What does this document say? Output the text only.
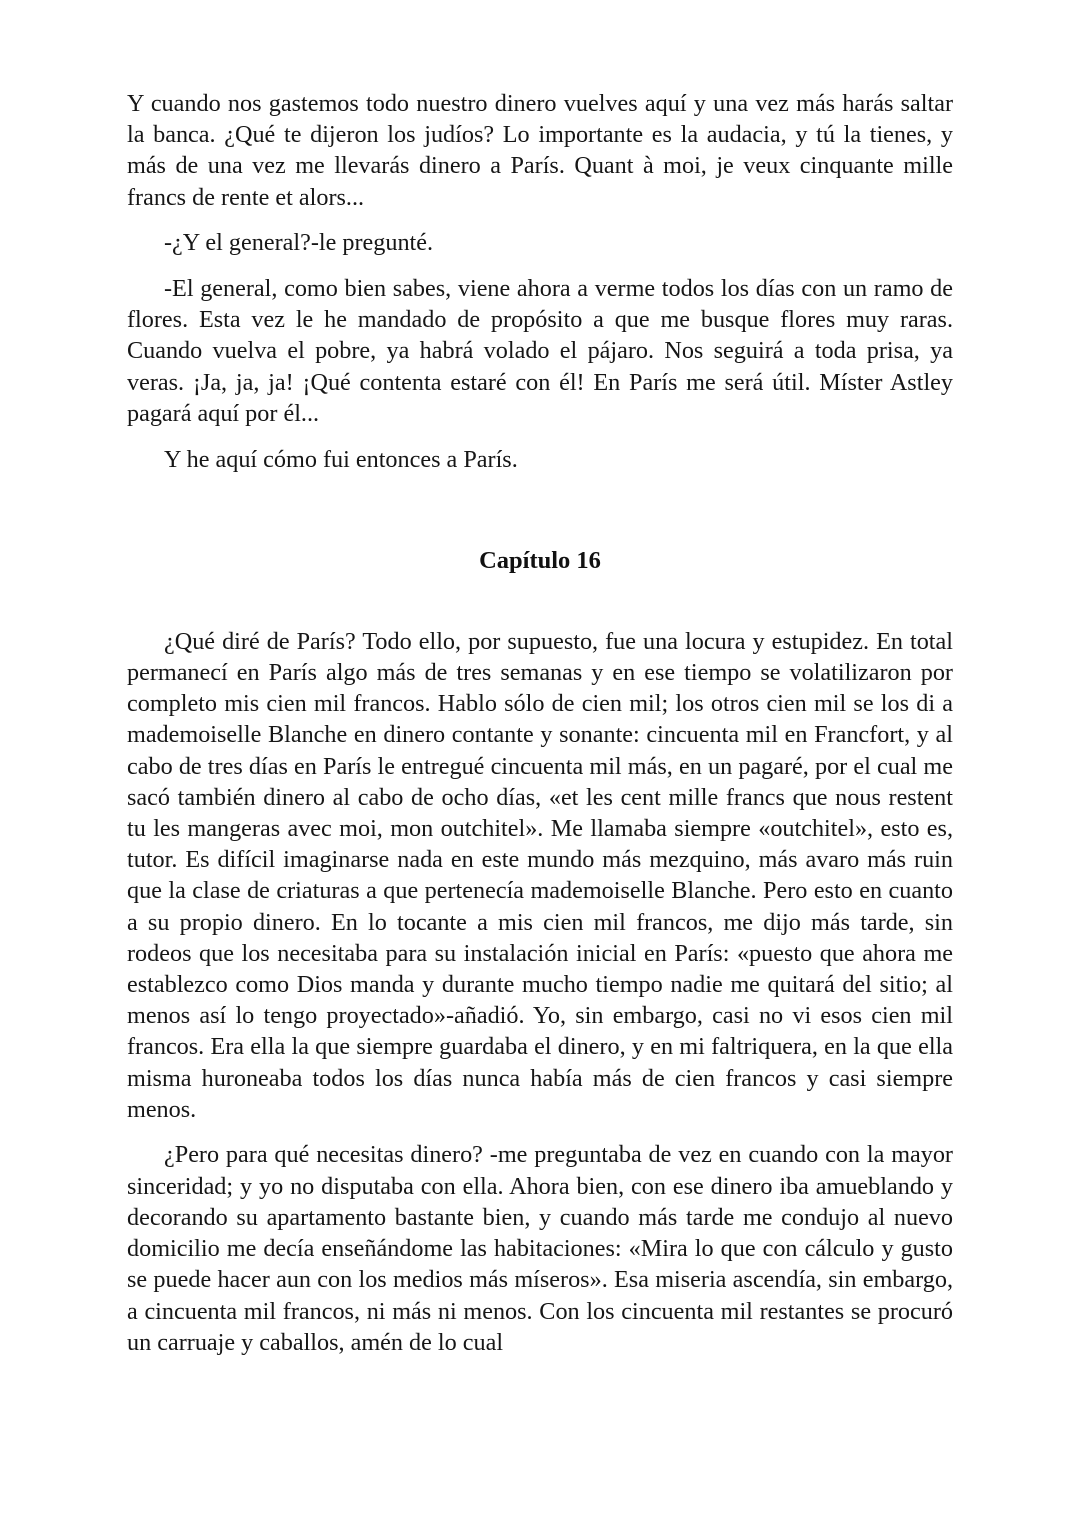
Y cuando nos gastemos todo nuestro dinero vuelves aquí y una vez más harás saltar la banca. ¿Qué te dijeron los judíos? Lo importante es la audacia, y tú la tienes, y más de una vez me llevarás dinero a París. Quant à moi, je veux cinquante mille francs de rente et alors...

-¿Y el general?-le pregunté.

-El general, como bien sabes, viene ahora a verme todos los días con un ramo de flores. Esta vez le he mandado de propósito a que me busque flores muy raras. Cuando vuelva el pobre, ya habrá volado el pájaro. Nos seguirá a toda prisa, ya veras. ¡Ja, ja, ja! ¡Qué contenta estaré con él! En París me será útil. Míster Astley pagará aquí por él...

Y he aquí cómo fui entonces a París.

Capítulo 16

¿Qué diré de París? Todo ello, por supuesto, fue una locura y estupidez. En total permanecí en París algo más de tres semanas y en ese tiempo se volatilizaron por completo mis cien mil francos. Hablo sólo de cien mil; los otros cien mil se los di a mademoiselle Blanche en dinero contante y sonante: cincuenta mil en Francfort, y al cabo de tres días en París le entregué cincuenta mil más, en un pagaré, por el cual me sacó también dinero al cabo de ocho días, «et les cent mille francs que nous restent tu les mangeras avec moi, mon outchitel». Me llamaba siempre «outchitel», esto es, tutor. Es difícil imaginarse nada en este mundo más mezquino, más avaro más ruin que la clase de criaturas a que pertenecía mademoiselle Blanche. Pero esto en cuanto a su propio dinero. En lo tocante a mis cien mil francos, me dijo más tarde, sin rodeos que los necesitaba para su instalación inicial en París: «puesto que ahora me establezco como Dios manda y durante mucho tiempo nadie me quitará del sitio; al menos así lo tengo proyectado»-añadió. Yo, sin embargo, casi no vi esos cien mil francos. Era ella la que siempre guardaba el dinero, y en mi faltriquera, en la que ella misma huroneaba todos los días nunca había más de cien francos y casi siempre menos.

¿Pero para qué necesitas dinero? -me preguntaba de vez en cuando con la mayor sinceridad; y yo no disputaba con ella. Ahora bien, con ese dinero iba amueblando y decorando su apartamento bastante bien, y cuando más tarde me condujo al nuevo domicilio me decía enseñándome las habitaciones: «Mira lo que con cálculo y gusto se puede hacer aun con los medios más míseros». Esa miseria ascendía, sin embargo, a cincuenta mil francos, ni más ni menos. Con los cincuenta mil restantes se procuró un carruaje y caballos, amén de lo cual
